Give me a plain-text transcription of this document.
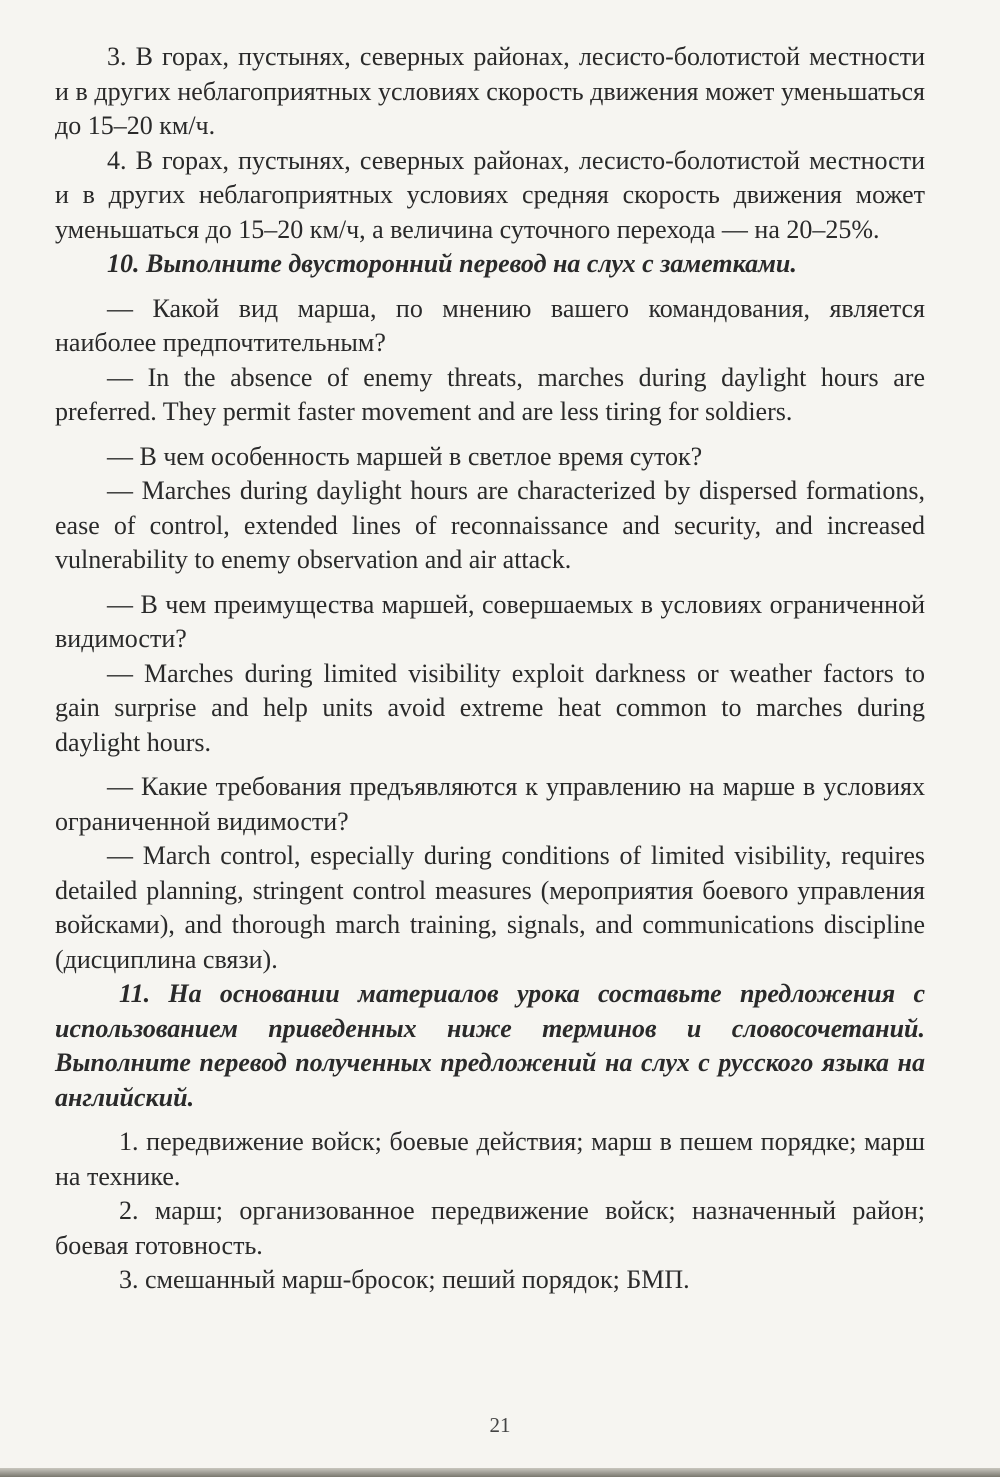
3. В горах, пустынях, северных районах, лесисто-болотистой местности и в других неблагоприятных условиях скорость движения может уменьшаться до 15–20 км/ч.

4. В горах, пустынях, северных районах, лесисто-болотистой местности и в других неблагоприятных условиях средняя скорость движения может уменьшаться до 15–20 км/ч, а величина суточного перехода — на 20–25%.

10. Выполните двусторонний перевод на слух с заметками.

— Какой вид марша, по мнению вашего командования, является наиболее предпочтительным?

— In the absence of enemy threats, marches during daylight hours are preferred. They permit faster movement and are less tiring for soldiers.

— В чем особенность маршей в светлое время суток?

— Marches during daylight hours are characterized by dispersed formations, ease of control, extended lines of reconnaissance and security, and increased vulnerability to enemy observation and air attack.

— В чем преимущества маршей, совершаемых в условиях ограниченной видимости?

— Marches during limited visibility exploit darkness or weather factors to gain surprise and help units avoid extreme heat common to marches during daylight hours.

— Какие требования предъявляются к управлению на марше в условиях ограниченной видимости?

— March control, especially during conditions of limited visibility, requires detailed planning, stringent control measures (мероприятия боевого управления войсками), and thorough march training, signals, and communications discipline (дисциплина связи).

11. На основании материалов урока составьте предложения с использованием приведенных ниже терминов и словосочетаний. Выполните перевод полученных предложений на слух с русского языка на английский.

1. передвижение войск; боевые действия; марш в пешем порядке; марш на технике.

2. марш; организованное передвижение войск; назначенный район; боевая готовность.

3. смешанный марш-бросок; пеший порядок; БМП.

21
